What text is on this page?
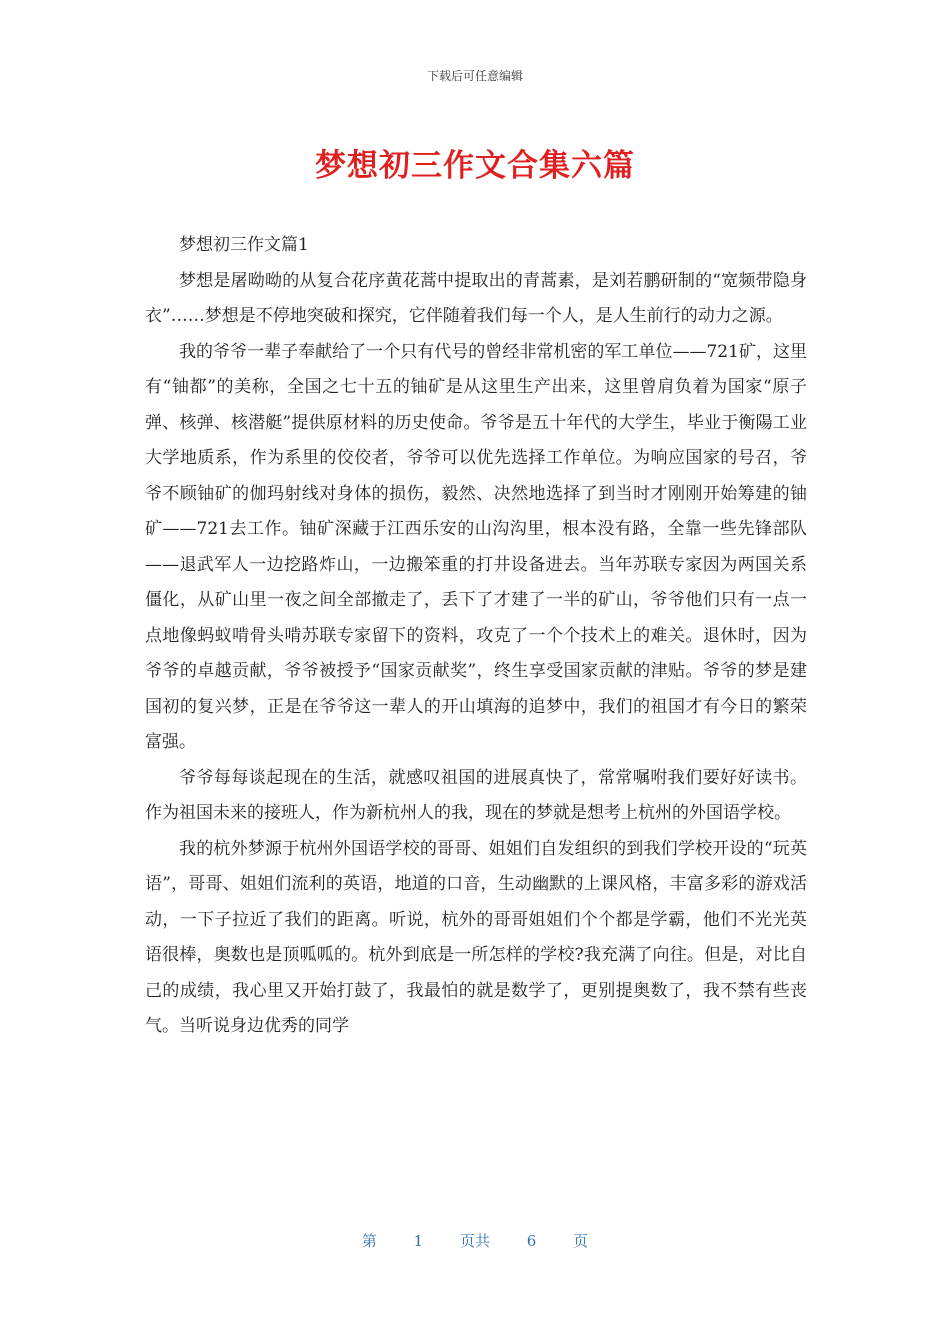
下载后可任意编辑
梦想初三作文合集六篇

梦想初三作文篇1

梦想是屠呦呦的从复合花序黄花蒿中提取出的青蒿素，是刘若鹏研制的“宽频带隐身衣”……梦想是不停地突破和探究，它伴随着我们每一个人，是人生前行的动力之源。

我的爷爷一辈子奉献给了一个只有代号的曾经非常机密的军工单位——721矿，这里有“铀都”的美称，全国之七十五的铀矿是从这里生产出来，这里曾肩负着为国家“原子弹、核弹、核潜艇”提供原材料的历史使命。爷爷是五十年代的大学生，毕业于衡陽工业大学地质系，作为系里的佼佼者，爷爷可以优先选择工作单位。为响应国家的号召，爷爷不顾铀矿的伽玛射线对身体的损伤，毅然、决然地选择了到当时才刚刚开始筹建的铀矿——721去工作。铀矿深藏于江西乐安的山沟沟里，根本没有路，全靠一些先锋部队——退武军人一边挖路炸山，一边搬笨重的打井设备进去。当年苏联专家因为两国关系僵化，从矿山里一夜之间全部撤走了，丢下了才建了一半的矿山，爷爷他们只有一点一点地像蚂蚁啃骨头啃苏联专家留下的资料，攻克了一个个技术上的难关。退休时，因为爷爷的卓越贡献，爷爷被授予“国家贡献奖”，终生享受国家贡献的津贴。爷爷的梦是建国初的复兴梦，正是在爷爷这一辈人的开山填海的追梦中，我们的祖国才有今日的繁荣富强。

爷爷每每谈起现在的生活，就感叹祖国的进展真快了，常常嘱咐我们要好好读书。作为祖国未来的接班人，作为新杭州人的我，现在的梦就是想考上杭州的外国语学校。

我的杭外梦源于杭州外国语学校的哥哥、姐姐们自发组织的到我们学校开设的“玩英语”，哥哥、姐姐们流利的英语，地道的口音，生动幽默的上课风格，丰富多彩的游戏活动，一下子拉近了我们的距离。听说，杭外的哥哥姐姐们个个都是学霸，他们不光光英语很棒，奥数也是顶呱呱的。杭外到底是一所怎样的学校?我充满了向往。但是，对比自己的成绩，我心里又开始打鼓了，我最怕的就是数学了，更别提奥数了，我不禁有些丧气。当听说身边优秀的同学

第 1 页共 6 页
